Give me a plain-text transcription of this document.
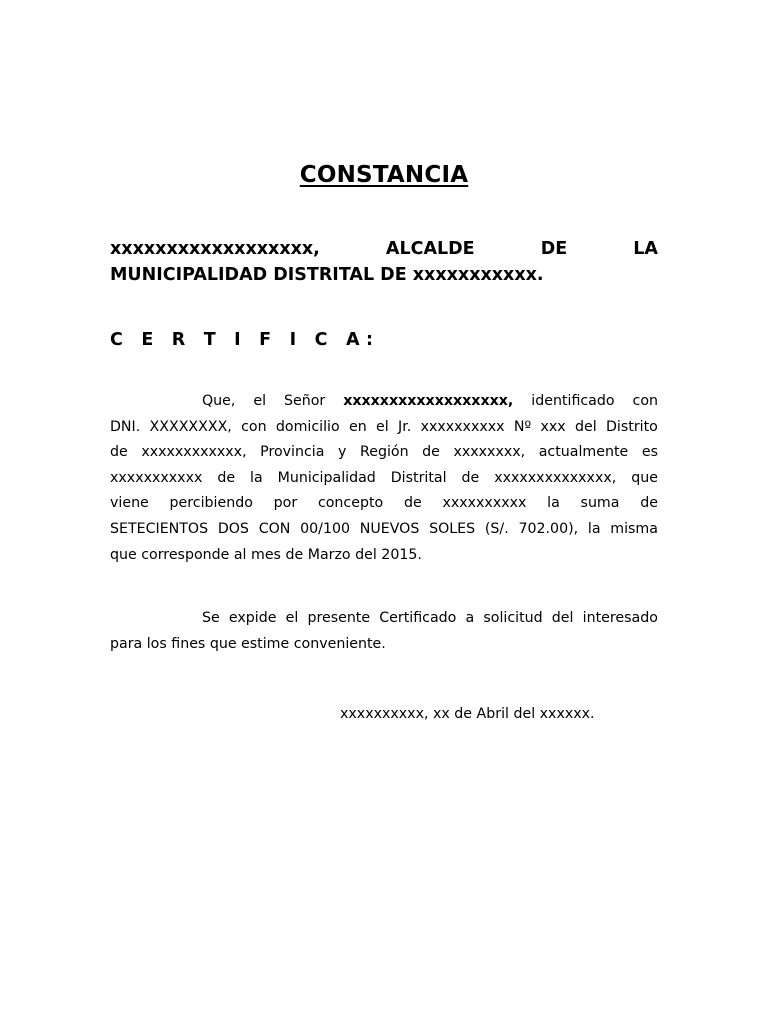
CONSTANCIA
xxxxxxxxxxxxxxxxxx,	ALCALDE	DE	LA
MUNICIPALIDAD DISTRITAL DE xxxxxxxxxxx.
C E R T I F I C A:
Que, el Señor xxxxxxxxxxxxxxxxxx, identificado con
DNI. XXXXXXXX, con domicilio en el Jr. xxxxxxxxxx Nº xxx del Distrito
de xxxxxxxxxxxx, Provincia y Región de xxxxxxxx, actualmente es
xxxxxxxxxxx de la Municipalidad Distrital de xxxxxxxxxxxxxx, que
viene percibiendo por concepto de xxxxxxxxxx la suma de
SETECIENTOS DOS CON 00/100 NUEVOS SOLES (S/. 702.00), la misma
que corresponde al mes de Marzo del 2015.
Se expide el presente Certificado a solicitud del interesado
para los fines que estime conveniente.
xxxxxxxxxx, xx de Abril del xxxxxx.
